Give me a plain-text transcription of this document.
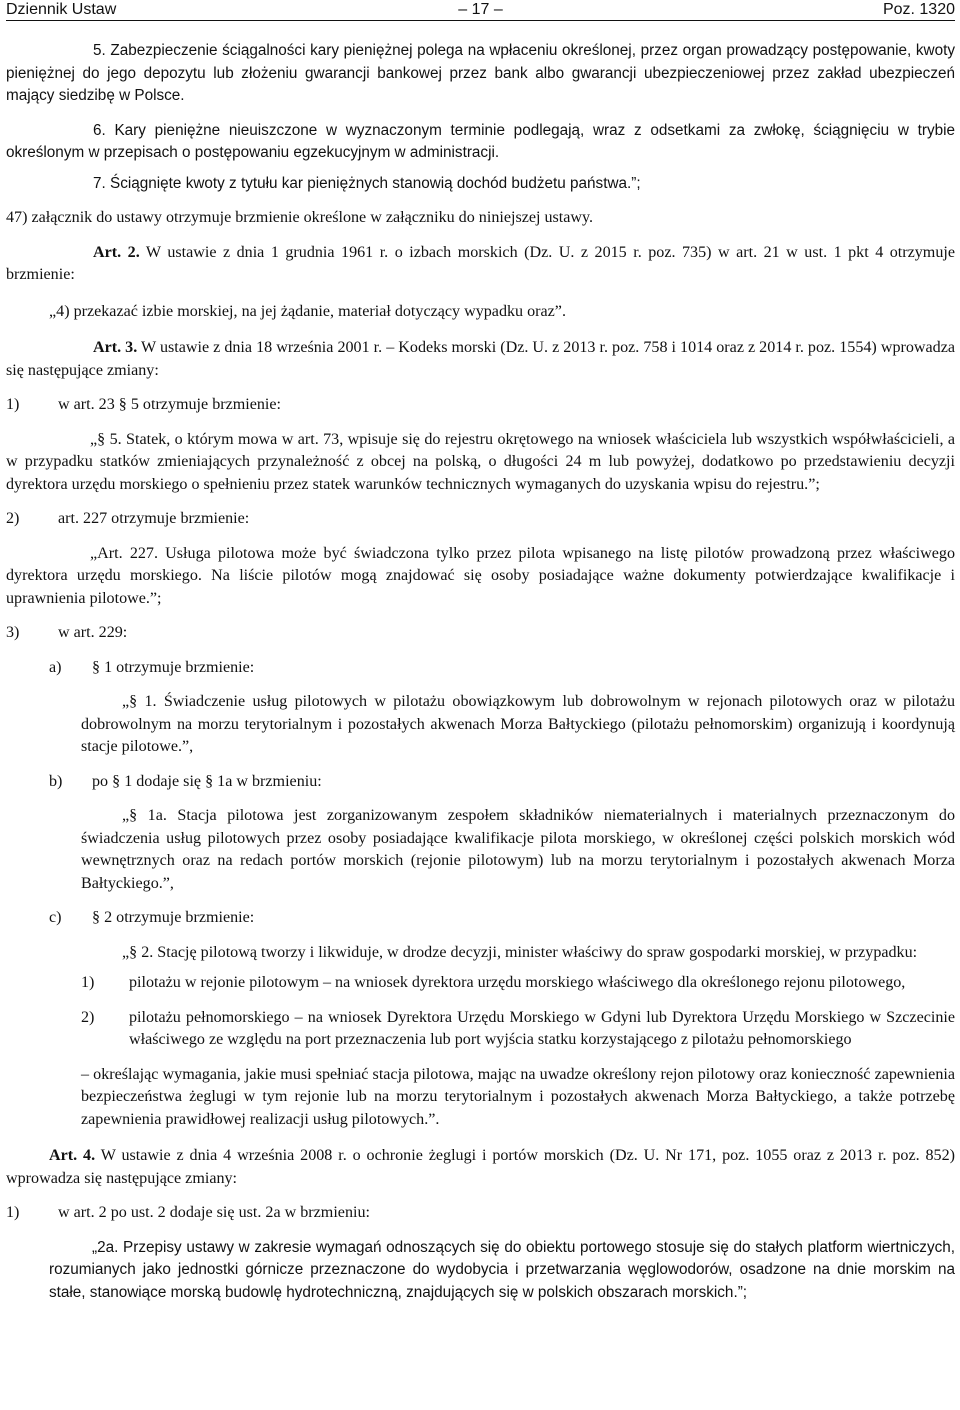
Dziennik Ustaw	– 17 –	Poz. 1320

5. Zabezpieczenie ściągalności kary pieniężnej polega na wpłaceniu określonej, przez organ prowadzący postępowanie, kwoty pieniężnej do jego depozytu lub złożeniu gwarancji bankowej przez bank albo gwarancji ubezpieczeniowej przez zakład ubezpieczeń mający siedzibę w Polsce.

6. Kary pieniężne nieuiszczone w wyznaczonym terminie podlegają, wraz z odsetkami za zwłokę, ściągnięciu w trybie określonym w przepisach o postępowaniu egzekucyjnym w administracji.

7. Ściągnięte kwoty z tytułu kar pieniężnych stanowią dochód budżetu państwa.”;

47) załącznik do ustawy otrzymuje brzmienie określone w załączniku do niniejszej ustawy.

Art. 2. W ustawie z dnia 1 grudnia 1961 r. o izbach morskich (Dz. U. z 2015 r. poz. 735) w art. 21 w ust. 1 pkt 4 otrzymuje brzmienie:

„4) przekazać izbie morskiej, na jej żądanie, materiał dotyczący wypadku oraz”.

Art. 3. W ustawie z dnia 18 września 2001 r. – Kodeks morski (Dz. U. z 2013 r. poz. 758 i 1014 oraz z 2014 r. poz. 1554) wprowadza się następujące zmiany:

1)	w art. 23 § 5 otrzymuje brzmienie:

„§ 5. Statek, o którym mowa w art. 73, wpisuje się do rejestru okrętowego na wniosek właściciela lub wszystkich współwłaścicieli, a w przypadku statków zmieniających przynależność z obcej na polską, o długości 24 m lub powyżej, dodatkowo po przedstawieniu decyzji dyrektora urzędu morskiego o spełnieniu przez statek warunków technicznych wymaganych do uzyskania wpisu do rejestru.”;

2)	art. 227 otrzymuje brzmienie:

„Art. 227. Usługa pilotowa może być świadczona tylko przez pilota wpisanego na listę pilotów prowadzoną przez właściwego dyrektora urzędu morskiego. Na liście pilotów mogą znajdować się osoby posiadające ważne dokumenty potwierdzające kwalifikacje i uprawnienia pilotowe.”;

3)	w art. 229:
a)	§ 1 otrzymuje brzmienie:

„§ 1. Świadczenie usług pilotowych w pilotażu obowiązkowym lub dobrowolnym w rejonach pilotowych oraz w pilotażu dobrowolnym na morzu terytorialnym i pozostałych akwenach Morza Bałtyckiego (pilotażu pełnomorskim) organizują i koordynują stacje pilotowe.”,

b)	po § 1 dodaje się § 1a w brzmieniu:

„§ 1a. Stacja pilotowa jest zorganizowanym zespołem składników niematerialnych i materialnych przeznaczonym do świadczenia usług pilotowych przez osoby posiadające kwalifikacje pilota morskiego, w określonej części polskich morskich wód wewnętrznych oraz na redach portów morskich (rejonie pilotowym) lub na morzu terytorialnym i pozostałych akwenach Morza Bałtyckiego.”,

c)	§ 2 otrzymuje brzmienie:

„§ 2. Stację pilotową tworzy i likwiduje, w drodze decyzji, minister właściwy do spraw gospodarki morskiej, w przypadku:

1)	pilotażu w rejonie pilotowym – na wniosek dyrektora urzędu morskiego właściwego dla określonego rejonu pilotowego,
2)	pilotażu pełnomorskiego – na wniosek Dyrektora Urzędu Morskiego w Gdyni lub Dyrektora Urzędu Morskiego w Szczecinie właściwego ze względu na port przeznaczenia lub port wyjścia statku korzystającego z pilotażu pełnomorskiego

– określając wymagania, jakie musi spełniać stacja pilotowa, mając na uwadze określony rejon pilotowy oraz konieczność zapewnienia bezpieczeństwa żeglugi w tym rejonie lub na morzu terytorialnym i pozostałych akwenach Morza Bałtyckiego, a także potrzebę zapewnienia prawidłowej realizacji usług pilotowych.”.

Art. 4. W ustawie z dnia 4 września 2008 r. o ochronie żeglugi i portów morskich (Dz. U. Nr 171, poz. 1055 oraz z 2013 r. poz. 852) wprowadza się następujące zmiany:

1)	w art. 2 po ust. 2 dodaje się ust. 2a w brzmieniu:

„2a. Przepisy ustawy w zakresie wymagań odnoszących się do obiektu portowego stosuje się do stałych platform wiertniczych, rozumianych jako jednostki górnicze przeznaczone do wydobycia i przetwarzania węglowodorów, osadzone na dnie morskim na stałe, stanowiące morską budowlę hydrotechniczną, znajdujących się w polskich obszarach morskich.”;
